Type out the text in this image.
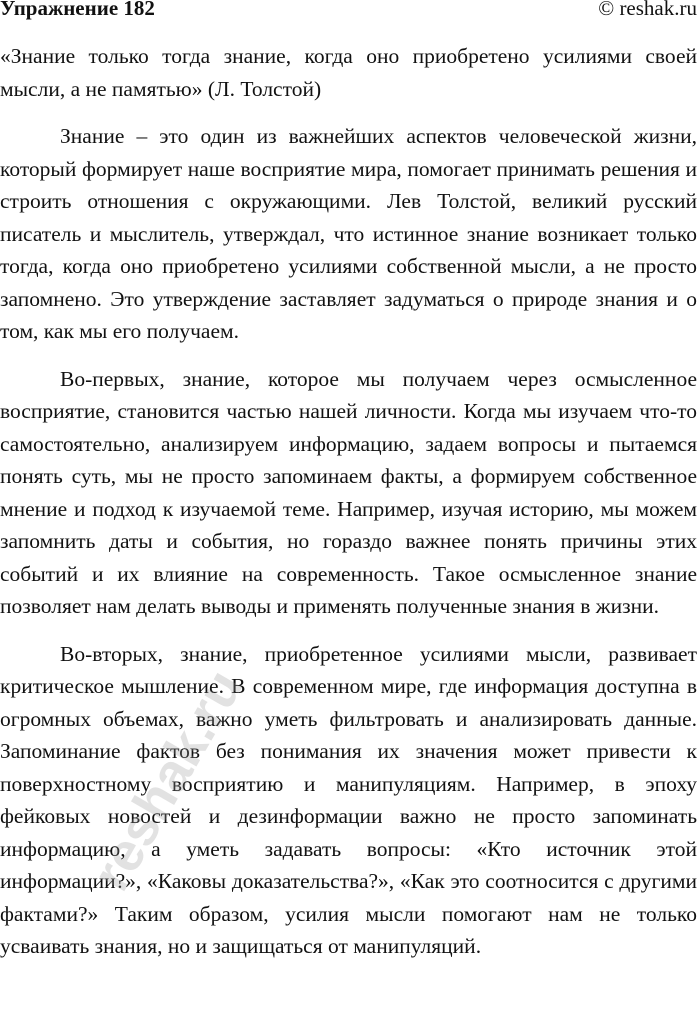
Упражнение 182	© reshak.ru

«Знание только тогда знание, когда оно приобретено усилиями своей мысли, а не памятью» (Л. Толстой)

Знание – это один из важнейших аспектов человеческой жизни, который формирует наше восприятие мира, помогает принимать решения и строить отношения с окружающими. Лев Толстой, великий русский писатель и мыслитель, утверждал, что истинное знание возникает только тогда, когда оно приобретено усилиями собственной мысли, а не просто запомнено. Это утверждение заставляет задуматься о природе знания и о том, как мы его получаем.

Во-первых, знание, которое мы получаем через осмысленное восприятие, становится частью нашей личности. Когда мы изучаем что-то самостоятельно, анализируем информацию, задаем вопросы и пытаемся понять суть, мы не просто запоминаем факты, а формируем собственное мнение и подход к изучаемой теме. Например, изучая историю, мы можем запомнить даты и события, но гораздо важнее понять причины этих событий и их влияние на современность. Такое осмысленное знание позволяет нам делать выводы и применять полученные знания в жизни.

Во-вторых, знание, приобретенное усилиями мысли, развивает критическое мышление. В современном мире, где информация доступна в огромных объемах, важно уметь фильтровать и анализировать данные. Запоминание фактов без понимания их значения может привести к поверхностному восприятию и манипуляциям. Например, в эпоху фейковых новостей и дезинформации важно не просто запоминать информацию, а уметь задавать вопросы: «Кто источник этой информации?», «Каковы доказательства?», «Как это соотносится с другими фактами?» Таким образом, усилия мысли помогают нам не только усваивать знания, но и защищаться от манипуляций.

reshak.ru
